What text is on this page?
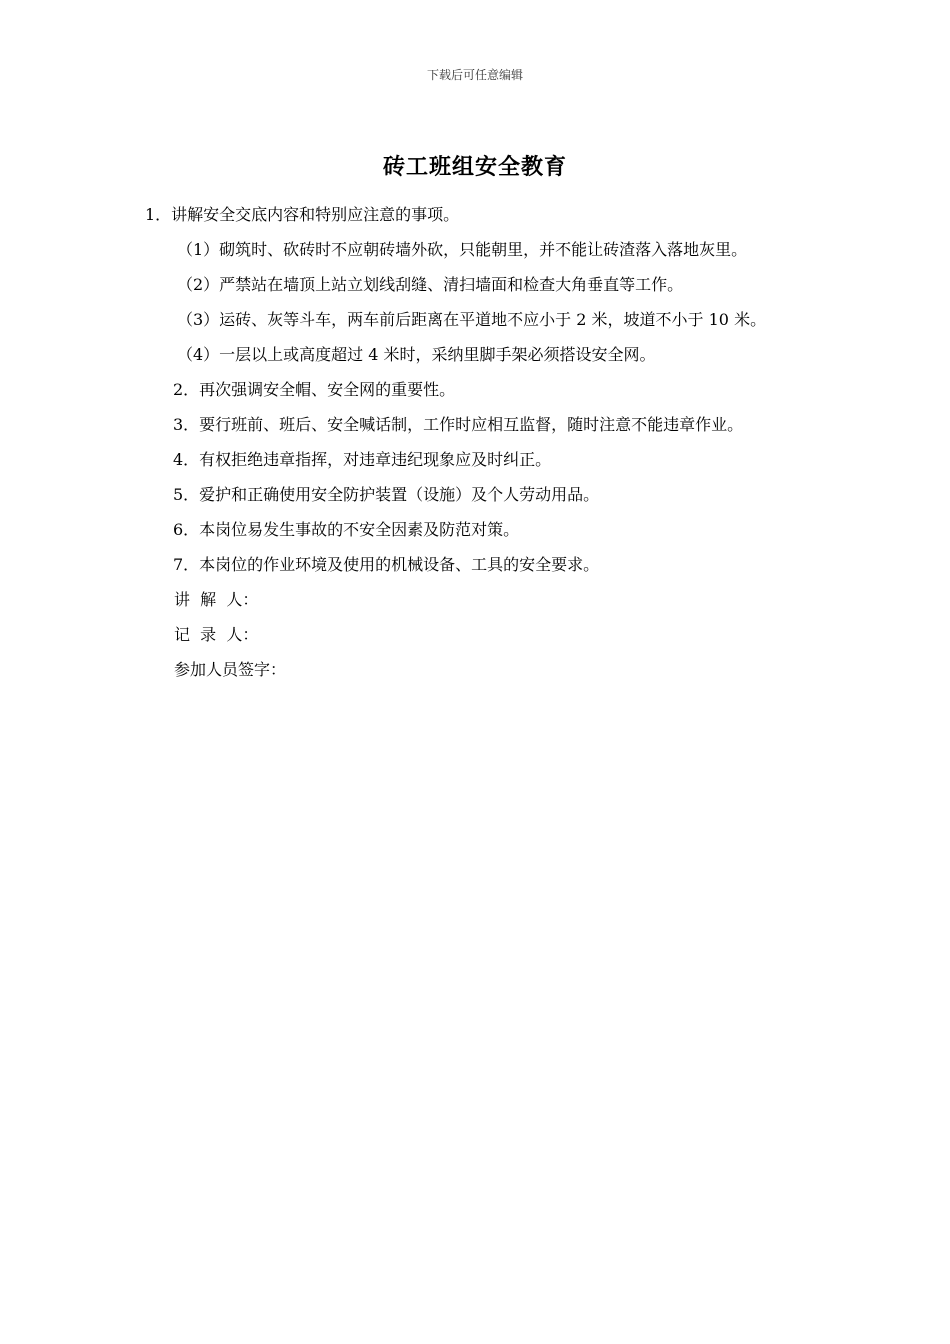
下载后可任意编辑
砖工班组安全教育

1．讲解安全交底内容和特别应注意的事项。

（1）砌筑时、砍砖时不应朝砖墙外砍，只能朝里，并不能让砖渣落入落地灰里。

（2）严禁站在墙顶上站立划线刮缝、清扫墙面和检查大角垂直等工作。

（3）运砖、灰等斗车，两车前后距离在平道地不应小于 2 米，坡道不小于 10 米。

（4）一层以上或高度超过 4 米时，采纳里脚手架必须搭设安全网。

2．再次强调安全帽、安全网的重要性。

3．要行班前、班后、安全喊话制，工作时应相互监督，随时注意不能违章作业。

4．有权拒绝违章指挥，对违章违纪现象应及时纠正。

5．爱护和正确使用安全防护装置（设施）及个人劳动用品。

6．本岗位易发生事故的不安全因素及防范对策。

7．本岗位的作业环境及使用的机械设备、工具的安全要求。

讲  解  人：

记  录  人：

参加人员签字：
